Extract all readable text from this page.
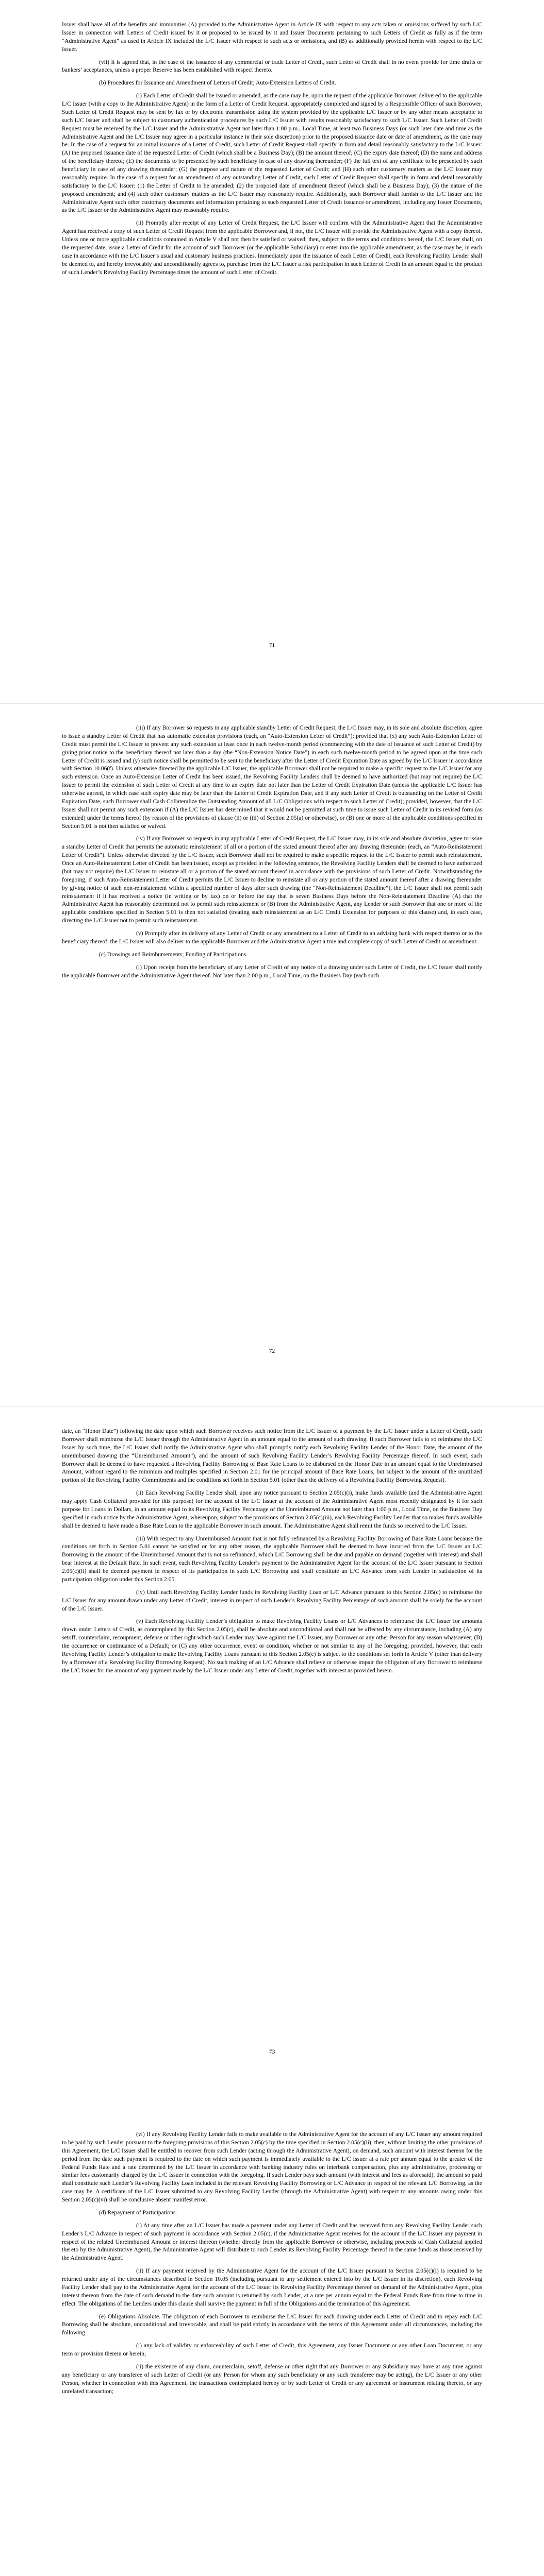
Issuer shall have all of the benefits and immunities (A) provided to the Administrative Agent in Article IX with respect to any acts taken or omissions suffered by such L/C Issuer in connection with Letters of Credit issued by it or proposed to be issued by it and Issuer Documents pertaining to such Letters of Credit as fully as if the term “Administrative Agent” as used in Article IX included the L/C Issuer with respect to such acts or omissions, and (B) as additionally provided herein with respect to the L/C Issuer.

(vii) It is agreed that, in the case of the issuance of any commercial or trade Letter of Credit, such Letter of Credit shall in no event provide for time drafts or bankers’ acceptances, unless a proper Reserve has been established with respect thereto.

(b) Procedures for Issuance and Amendment of Letters of Credit; Auto-Extension Letters of Credit.

(i) Each Letter of Credit shall be issued or amended, as the case may be, upon the request of the applicable Borrower delivered to the applicable L/C Issuer (with a copy to the Administrative Agent) in the form of a Letter of Credit Request, appropriately completed and signed by a Responsible Officer of such Borrower. Such Letter of Credit Request may be sent by fax or by electronic transmission using the system provided by the applicable L/C Issuer or by any other means acceptable to such L/C Issuer and shall be subject to customary authentication procedures by such L/C Issuer with results reasonably satisfactory to such L/C Issuer. Such Letter of Credit Request must be received by the L/C Issuer and the Administrative Agent not later than 1:00 p.m., Local Time, at least two Business Days (or such later date and time as the Administrative Agent and the L/C Issuer may agree in a particular instance in their sole discretion) prior to the proposed issuance date or date of amendment, as the case may be. In the case of a request for an initial issuance of a Letter of Credit, such Letter of Credit Request shall specify in form and detail reasonably satisfactory to the L/C Issuer: (A) the proposed issuance date of the requested Letter of Credit (which shall be a Business Day); (B) the amount thereof; (C) the expiry date thereof; (D) the name and address of the beneficiary thereof; (E) the documents to be presented by such beneficiary in case of any drawing thereunder; (F) the full text of any certificate to be presented by such beneficiary in case of any drawing thereunder; (G) the purpose and nature of the requested Letter of Credit; and (H) such other customary matters as the L/C Issuer may reasonably require. In the case of a request for an amendment of any outstanding Letter of Credit, such Letter of Credit Request shall specify in form and detail reasonably satisfactory to the L/C Issuer: (1) the Letter of Credit to be amended; (2) the proposed date of amendment thereof (which shall be a Business Day); (3) the nature of the proposed amendment; and (4) such other customary matters as the L/C Issuer may reasonably require. Additionally, such Borrower shall furnish to the L/C Issuer and the Administrative Agent such other customary documents and information pertaining to such requested Letter of Credit issuance or amendment, including any Issuer Documents, as the L/C Issuer or the Administrative Agent may reasonably require.

(ii) Promptly after receipt of any Letter of Credit Request, the L/C Issuer will confirm with the Administrative Agent that the Administrative Agent has received a copy of such Letter of Credit Request from the applicable Borrower and, if not, the L/C Issuer will provide the Administrative Agent with a copy thereof. Unless one or more applicable conditions contained in Article V shall not then be satisfied or waived, then, subject to the terms and conditions hereof, the L/C Issuer shall, on the requested date, issue a Letter of Credit for the account of such Borrower (or the applicable Subsidiary) or enter into the applicable amendment, as the case may be, in each case in accordance with the L/C Issuer’s usual and customary business practices. Immediately upon the issuance of each Letter of Credit, each Revolving Facility Lender shall be deemed to, and hereby irrevocably and unconditionally agrees to, purchase from the L/C Issuer a risk participation in such Letter of Credit in an amount equal to the product of such Lender’s Revolving Facility Percentage times the amount of such Letter of Credit.

71

(iii) If any Borrower so requests in any applicable standby Letter of Credit Request, the L/C Issuer may, in its sole and absolute discretion, agree to issue a standby Letter of Credit that has automatic extension provisions (each, an “Auto-Extension Letter of Credit”); provided that (x) any such Auto-Extension Letter of Credit must permit the L/C Issuer to prevent any such extension at least once in each twelve-month period (commencing with the date of issuance of such Letter of Credit) by giving prior notice to the beneficiary thereof not later than a day (the “Non-Extension Notice Date”) in each such twelve-month period to be agreed upon at the time such Letter of Credit is issued and (y) such notice shall be permitted to be sent to the beneficiary after the Letter of Credit Expiration Date as agreed by the L/C Issuer in accordance with Section 10.06(f). Unless otherwise directed by the applicable L/C Issuer, the applicable Borrower shall not be required to make a specific request to the L/C Issuer for any such extension. Once an Auto-Extension Letter of Credit has been issued, the Revolving Facility Lenders shall be deemed to have authorized (but may not require) the L/C Issuer to permit the extension of such Letter of Credit at any time to an expiry date not later than the Letter of Credit Expiration Date (unless the applicable L/C Issuer has otherwise agreed, in which case such expiry date may be later than the Letter of Credit Expiration Date, and if any such Letter of Credit is outstanding on the Letter of Credit Expiration Date, such Borrower shall Cash Collateralize the Outstanding Amount of all L/C Obligations with respect to such Letter of Credit); provided, however, that the L/C Issuer shall not permit any such extension if (A) the L/C Issuer has determined that it would not be permitted at such time to issue such Letter of Credit in its revised form (as extended) under the terms hereof (by reason of the provisions of clause (ii) or (iii) of Section 2.05(a) or otherwise), or (B) one or more of the applicable conditions specified in Section 5.01 is not then satisfied or waived.

(iv) If any Borrower so requests in any applicable Letter of Credit Request, the L/C Issuer may, in its sole and absolute discretion, agree to issue a standby Letter of Credit that permits the automatic reinstatement of all or a portion of the stated amount thereof after any drawing thereunder (each, an “Auto-Reinstatement Letter of Credit”). Unless otherwise directed by the L/C Issuer, such Borrower shall not be required to make a specific request to the L/C Issuer to permit such reinstatement. Once an Auto-Reinstatement Letter of Credit has been issued, except as provided in the following sentence, the Revolving Facility Lenders shall be deemed to have authorized (but may not require) the L/C Issuer to reinstate all or a portion of the stated amount thereof in accordance with the provisions of such Letter of Credit. Notwithstanding the foregoing, if such Auto-Reinstatement Letter of Credit permits the L/C Issuer to decline to reinstate all or any portion of the stated amount thereof after a drawing thereunder by giving notice of such non-reinstatement within a specified number of days after such drawing (the “Non-Reinstatement Deadline”), the L/C Issuer shall not permit such reinstatement if it has received a notice (in writing or by fax) on or before the day that is seven Business Days before the Non-Reinstatement Deadline (A) that the Administrative Agent has reasonably determined not to permit such reinstatement or (B) from the Administrative Agent, any Lender or such Borrower that one or more of the applicable conditions specified in Section 5.01 is then not satisfied (treating such reinstatement as an L/C Credit Extension for purposes of this clause) and, in each case, directing the L/C Issuer not to permit such reinstatement.

(v) Promptly after its delivery of any Letter of Credit or any amendment to a Letter of Credit to an advising bank with respect thereto or to the beneficiary thereof, the L/C Issuer will also deliver to the applicable Borrower and the Administrative Agent a true and complete copy of such Letter of Credit or amendment.

(c) Drawings and Reimbursements; Funding of Participations.

(i) Upon receipt from the beneficiary of any Letter of Credit of any notice of a drawing under such Letter of Credit, the L/C Issuer shall notify the applicable Borrower and the Administrative Agent thereof. Not later than 2:00 p.m., Local Time, on the Business Day (each such

72

date, an “Honor Date”) following the date upon which such Borrower receives such notice from the L/C Issuer of a payment by the L/C Issuer under a Letter of Credit, such Borrower shall reimburse the L/C Issuer through the Administrative Agent in an amount equal to the amount of such drawing. If such Borrower fails to so reimburse the L/C Issuer by such time, the L/C Issuer shall notify the Administrative Agent who shall promptly notify each Revolving Facility Lender of the Honor Date, the amount of the unreimbursed drawing (the “Unreimbursed Amount”), and the amount of such Revolving Facility Lender’s Revolving Facility Percentage thereof. In such event, such Borrower shall be deemed to have requested a Revolving Facility Borrowing of Base Rate Loans to be disbursed on the Honor Date in an amount equal to the Unreimbursed Amount, without regard to the minimum and multiples specified in Section 2.01 for the principal amount of Base Rate Loans, but subject to the amount of the unutilized portion of the Revolving Facility Commitments and the conditions set forth in Section 5.01 (other than the delivery of a Revolving Facility Borrowing Request).

(ii) Each Revolving Facility Lender shall, upon any notice pursuant to Section 2.05(c)(i), make funds available (and the Administrative Agent may apply Cash Collateral provided for this purpose) for the account of the L/C Issuer at the account of the Administrative Agent most recently designated by it for such purpose for Loans in Dollars, in an amount equal to its Revolving Facility Percentage of the Unreimbursed Amount not later than 1:00 p.m., Local Time, on the Business Day specified in such notice by the Administrative Agent, whereupon, subject to the provisions of Section 2.05(c)(iii), each Revolving Facility Lender that so makes funds available shall be deemed to have made a Base Rate Loan to the applicable Borrower in such amount. The Administrative Agent shall remit the funds so received to the L/C Issuer.

(iii) With respect to any Unreimbursed Amount that is not fully refinanced by a Revolving Facility Borrowing of Base Rate Loans because the conditions set forth in Section 5.01 cannot be satisfied or for any other reason, the applicable Borrower shall be deemed to have incurred from the L/C Issuer an L/C Borrowing in the amount of the Unreimbursed Amount that is not so refinanced, which L/C Borrowing shall be due and payable on demand (together with interest) and shall bear interest at the Default Rate. In such event, each Revolving Facility Lender’s payment to the Administrative Agent for the account of the L/C Issuer pursuant to Section 2.05(c)(ii) shall be deemed payment in respect of its participation in such L/C Borrowing and shall constitute an L/C Advance from such Lender in satisfaction of its participation obligation under this Section 2.05.

(iv) Until each Revolving Facility Lender funds its Revolving Facility Loan or L/C Advance pursuant to this Section 2.05(c) to reimburse the L/C Issuer for any amount drawn under any Letter of Credit, interest in respect of such Lender’s Revolving Facility Percentage of such amount shall be solely for the account of the L/C Issuer.

(v) Each Revolving Facility Lender’s obligation to make Revolving Facility Loans or L/C Advances to reimburse the L/C Issuer for amounts drawn under Letters of Credit, as contemplated by this Section 2.05(c), shall be absolute and unconditional and shall not be affected by any circumstance, including (A) any setoff, counterclaim, recoupment, defense or other right which such Lender may have against the L/C Issuer, any Borrower or any other Person for any reason whatsoever; (B) the occurrence or continuance of a Default; or (C) any other occurrence, event or condition, whether or not similar to any of the foregoing; provided, however, that each Revolving Facility Lender’s obligation to make Revolving Facility Loans pursuant to this Section 2.05(c) is subject to the conditions set forth in Article V (other than delivery by a Borrower of a Revolving Facility Borrowing Request). No such making of an L/C Advance shall relieve or otherwise impair the obligation of any Borrower to reimburse the L/C Issuer for the amount of any payment made by the L/C Issuer under any Letter of Credit, together with interest as provided herein.

73

(vi) If any Revolving Facility Lender fails to make available to the Administrative Agent for the account of any L/C Issuer any amount required to be paid by such Lender pursuant to the foregoing provisions of this Section 2.05(c) by the time specified in Section 2.05(c)(ii), then, without limiting the other provisions of this Agreement, the L/C Issuer shall be entitled to recover from such Lender (acting through the Administrative Agent), on demand, such amount with interest thereon for the period from the date such payment is required to the date on which such payment is immediately available to the L/C Issuer at a rate per annum equal to the greater of the Federal Funds Rate and a rate determined by the L/C Issuer in accordance with banking industry rules on interbank compensation, plus any administrative, processing or similar fees customarily charged by the L/C Issuer in connection with the foregoing. If such Lender pays such amount (with interest and fees as aforesaid), the amount so paid shall constitute such Lender’s Revolving Facility Loan included in the relevant Revolving Facility Borrowing or L/C Advance in respect of the relevant L/C Borrowing, as the case may be. A certificate of the L/C Issuer submitted to any Revolving Facility Lender (through the Administrative Agent) with respect to any amounts owing under this Section 2.05(c)(vi) shall be conclusive absent manifest error.

(d) Repayment of Participations.

(i) At any time after an L/C Issuer has made a payment under any Letter of Credit and has received from any Revolving Facility Lender such Lender’s L/C Advance in respect of such payment in accordance with Section 2.05(c), if the Administrative Agent receives for the account of the L/C Issuer any payment in respect of the related Unreimbursed Amount or interest thereon (whether directly from the applicable Borrower or otherwise, including proceeds of Cash Collateral applied thereto by the Administrative Agent), the Administrative Agent will distribute to such Lender its Revolving Facility Percentage thereof in the same funds as those received by the Administrative Agent.

(ii) If any payment received by the Administrative Agent for the account of the L/C Issuer pursuant to Section 2.05(c)(i) is required to be returned under any of the circumstances described in Section 10.05 (including pursuant to any settlement entered into by the L/C Issuer in its discretion), each Revolving Facility Lender shall pay to the Administrative Agent for the account of the L/C Issuer its Revolving Facility Percentage thereof on demand of the Administrative Agent, plus interest thereon from the date of such demand to the date such amount is returned by such Lender, at a rate per annum equal to the Federal Funds Rate from time to time in effect. The obligations of the Lenders under this clause shall survive the payment in full of the Obligations and the termination of this Agreement.

(e) Obligations Absolute. The obligation of each Borrower to reimburse the L/C Issuer for each drawing under each Letter of Credit and to repay each L/C Borrowing shall be absolute, unconditional and irrevocable, and shall be paid strictly in accordance with the terms of this Agreement under all circumstances, including the following:

(i) any lack of validity or enforceability of such Letter of Credit, this Agreement, any Issuer Document or any other Loan Document, or any term or provision therein or herein;

(ii) the existence of any claim, counterclaim, setoff, defense or other right that any Borrower or any Subsidiary may have at any time against any beneficiary or any transferee of such Letter of Credit (or any Person for whom any such beneficiary or any such transferee may be acting), the L/C Issuer or any other Person, whether in connection with this Agreement, the transactions contemplated hereby or by such Letter of Credit or any agreement or instrument relating thereto, or any unrelated transaction;
